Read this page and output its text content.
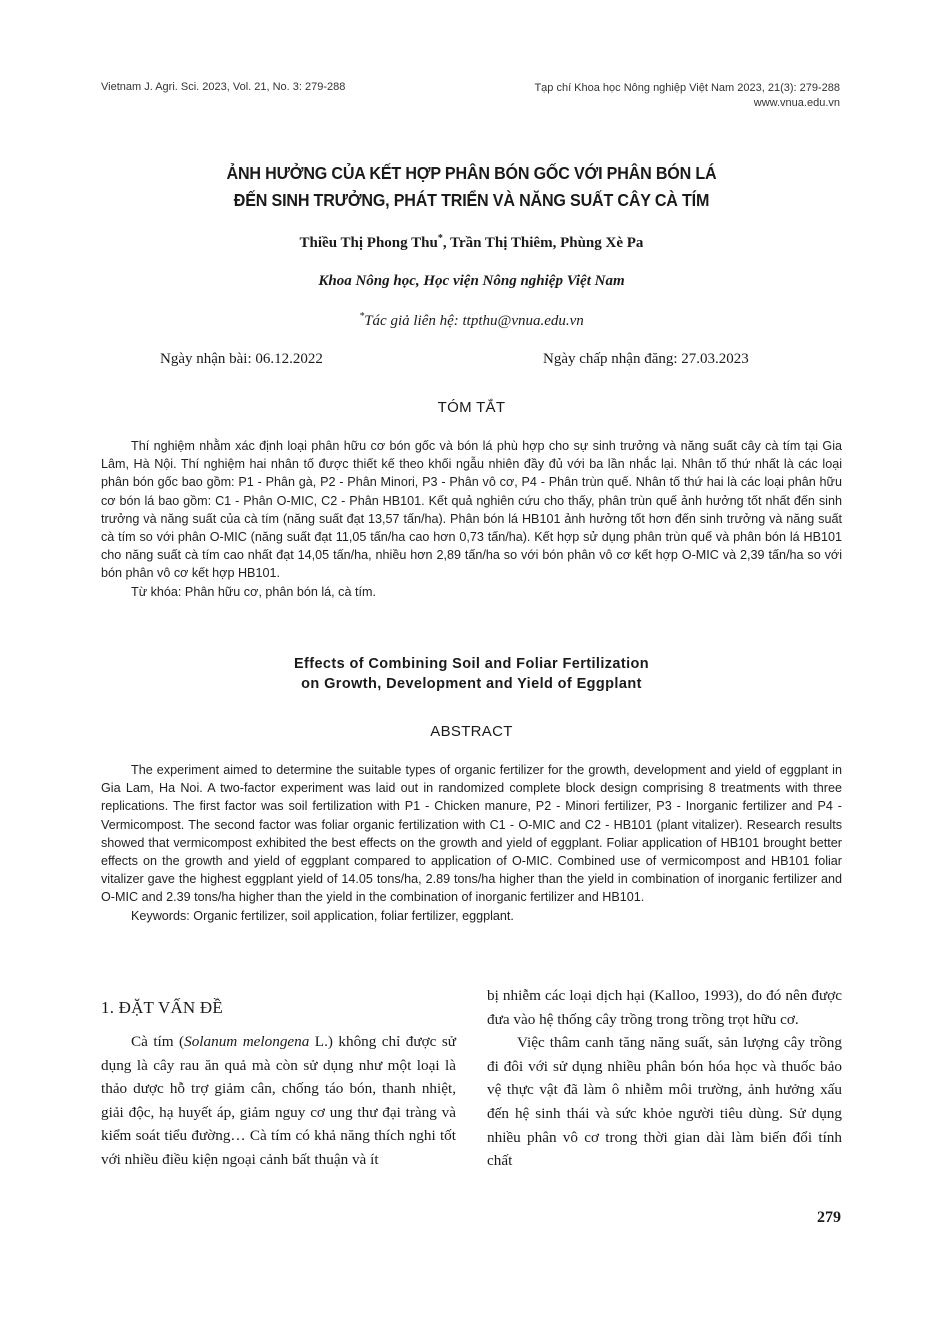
Vietnam J. Agri. Sci. 2023, Vol. 21, No. 3: 279-288	Tạp chí Khoa học Nông nghiệp Việt Nam 2023, 21(3): 279-288
www.vnua.edu.vn
ẢNH HƯỞNG CỦA KẾT HỢP PHÂN BÓN GỐC VỚI PHÂN BÓN LÁ
ĐẾN SINH TRƯỞNG, PHÁT TRIỂN VÀ NĂNG SUẤT CÂY CÀ TÍM
Thiều Thị Phong Thu*, Trần Thị Thiêm, Phùng Xè Pa
Khoa Nông học, Học viện Nông nghiệp Việt Nam
*Tác giả liên hệ: ttpthu@vnua.edu.vn
Ngày nhận bài: 06.12.2022	Ngày chấp nhận đăng: 27.03.2023
TÓM TẮT

Thí nghiệm nhằm xác định loại phân hữu cơ bón gốc và bón lá phù hợp cho sự sinh trưởng và năng suất cây cà tím tại Gia Lâm, Hà Nội. Thí nghiệm hai nhân tố được thiết kế theo khối ngẫu nhiên đầy đủ với ba lần nhắc lại. Nhân tố thứ nhất là các loại phân bón gốc bao gồm: P1 - Phân gà, P2 - Phân Minori, P3 - Phân vô cơ, P4 - Phân trùn quế. Nhân tố thứ hai là các loại phân hữu cơ bón lá bao gồm: C1 - Phân O-MIC, C2 - Phân HB101. Kết quả nghiên cứu cho thấy, phân trùn quế ảnh hưởng tốt nhất đến sinh trưởng và năng suất của cà tím (năng suất đạt 13,57 tấn/ha). Phân bón lá HB101 ảnh hưởng tốt hơn đến sinh trưởng và năng suất cà tím so với phân O-MIC (năng suất đạt 11,05 tấn/ha cao hơn 0,73 tấn/ha). Kết hợp sử dụng phân trùn quế và phân bón lá HB101 cho năng suất cà tím cao nhất đạt 14,05 tấn/ha, nhiều hơn 2,89 tấn/ha so với bón phân vô cơ kết hợp O-MIC và 2,39 tấn/ha so với bón phân vô cơ kết hợp HB101.

Từ khóa: Phân hữu cơ, phân bón lá, cà tím.

Effects of Combining Soil and Foliar Fertilization
on Growth, Development and Yield of Eggplant
ABSTRACT

The experiment aimed to determine the suitable types of organic fertilizer for the growth, development and yield of eggplant in Gia Lam, Ha Noi. A two-factor experiment was laid out in randomized complete block design comprising 8 treatments with three replications. The first factor was soil fertilization with P1 - Chicken manure, P2 - Minori fertilizer, P3 - Inorganic fertilizer and P4 - Vermicompost. The second factor was foliar organic fertilization with C1 - O-MIC and C2 - HB101 (plant vitalizer). Research results showed that vermicompost exhibited the best effects on the growth and yield of eggplant. Foliar application of HB101 brought better effects on the growth and yield of eggplant compared to application of O-MIC. Combined use of vermicompost and HB101 foliar vitalizer gave the highest eggplant yield of 14.05 tons/ha, 2.89 tons/ha higher than the yield in combination of inorganic fertilizer and O-MIC and 2.39 tons/ha higher than the yield in the combination of inorganic fertilizer and HB101.

Keywords: Organic fertilizer, soil application, foliar fertilizer, eggplant.

1. ĐẶT VẤN ĐỀ

Cà tím (Solanum melongena L.) không chỉ được sử dụng là cây rau ăn quả mà còn sử dụng như một loại là thảo dược hỗ trợ giảm cân, chống táo bón, thanh nhiệt, giải độc, hạ huyết áp, giảm nguy cơ ung thư đại tràng và kiểm soát tiểu đường… Cà tím có khả năng thích nghi tốt với nhiều điều kiện ngoại cảnh bất thuận và ít

bị nhiễm các loại dịch hại (Kalloo, 1993), do đó nên được đưa vào hệ thống cây trồng trong trồng trọt hữu cơ.

Việc thâm canh tăng năng suất, sản lượng cây trồng đi đôi với sử dụng nhiều phân bón hóa học và thuốc bảo vệ thực vật đã làm ô nhiễm môi trường, ảnh hưởng xấu đến hệ sinh thái và sức khỏe người tiêu dùng. Sử dụng nhiều phân vô cơ trong thời gian dài làm biến đổi tính chất

279
